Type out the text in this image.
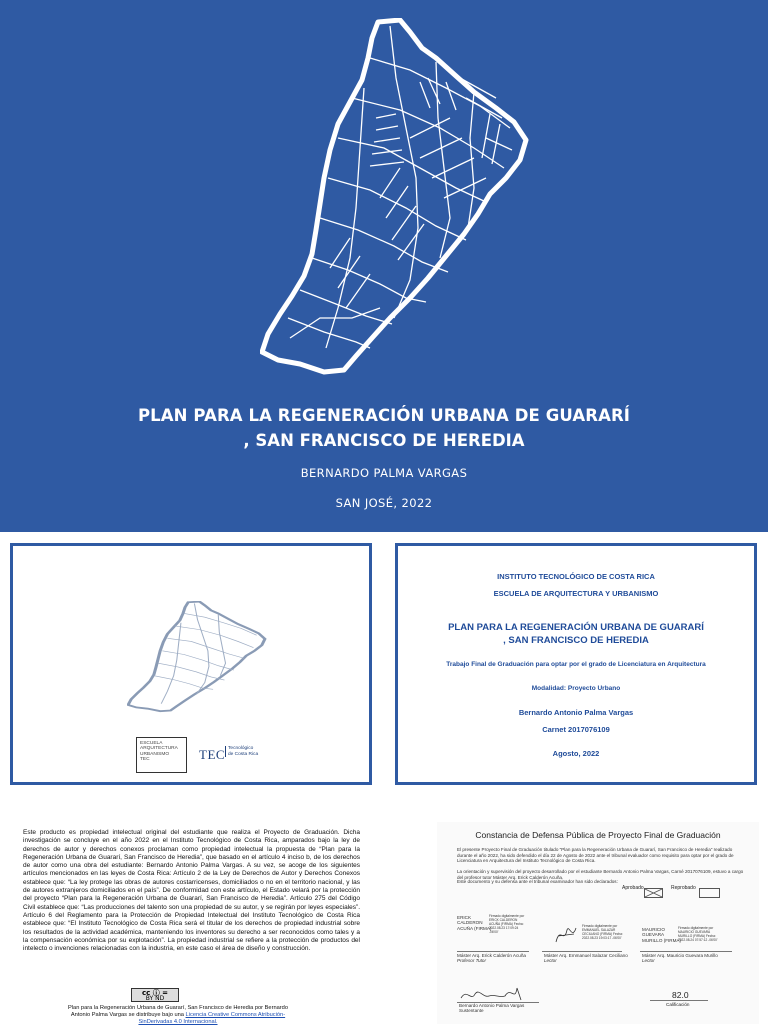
PLAN PARA LA REGENERACIÓN URBANA DE GUARARÍ
, SAN FRANCISCO DE HEREDIA
BERNARDO PALMA VARGAS
SAN JOSÉ, 2022
ESCUELA
ARQUITECTURA
URBANISMO
TEC	TEC Tecnológico
de Costa Rica
INSTITUTO TECNOLÓGICO DE COSTA RICA
ESCUELA DE ARQUITECTURA Y URBANISMO
PLAN PARA LA REGENERACIÓN URBANA DE GUARARÍ
, SAN FRANCISCO DE HEREDIA
Trabajo Final de Graduación para optar por el grado de Licenciatura en Arquitectura
Modalidad: Proyecto Urbano
Bernardo Antonio Palma Vargas
Carnet 2017076109
Agosto, 2022
Este producto es propiedad intelectual original del estudiante que realiza el Proyecto de Graduación. Dicha investigación se concluye en el año 2022 en el Instituto Tecnológico de Costa Rica, amparados bajo la ley de derechos de autor y derechos conexos proclaman como propiedad intelectual la propuesta de “Plan para la Regeneración Urbana de Guararí, San Francisco de Heredia”, que basado en el artículo 4 inciso b, de los derechos de autor como una obra del estudiante: Bernardo Antonio Palma Vargas. A su vez, se acoge de los siguientes artículos mencionados en las leyes de Costa Rica: Artículo 2 de la Ley de Derechos de Autor y Derechos Conexos establece que: “La ley protege las obras de autores costarricenses, domiciliados o no en el territorio nacional, y las de autores extranjeros domiciliados en el país”. De conformidad con este artículo, el Estado velará por la protección del proyecto “Plan para la Regeneración Urbana de Guararí, San Francisco de Heredia”. Artículo 275 del Código Civil establece que: “Las producciones del talento son una propiedad de su autor, y se regirán por leyes especiales”. Artículo 6 del Reglamento para la Protección de Propiedad Intelectual del Instituto Tecnológico de Costa Rica establece que: “El Instituto Tecnológico de Costa Rica será el titular de los derechos de propiedad industrial sobre los resultados de la actividad académica, manteniendo los inventores su derecho a ser reconocidos como tales y a la compensación económica por su explotación”. La propiedad industrial se refiere a la protección de productos del intelecto o invenciones relacionadas con la industria, en este caso el área de diseño y construcción.
cc ⓘ =
BY ND
Plan para la Regeneración Urbana de Guararí, San Francisco de Heredia por Bernardo
Antonio Palma Vargas se distribuye bajo una Licencia Creative Commons Atribución-
SinDerivadas 4.0 Internacional.
Constancia de Defensa Pública de Proyecto Final de Graduación
El presente Proyecto Final de Graduación titulado “Plan para la Regeneración Urbana de Guararí, San Francisco de Heredia” realizado durante el año 2022, ha sido defendido el día 22 de Agosto de 2022 ante el tribunal evaluador como requisito para optar por el grado de Licenciatura en Arquitectura del Instituto Tecnológico de Costa Rica.
La orientación y supervisión del proyecto desarrollado por el estudiante Bernardo Antonio Palma Vargas, Carné 2017076109, estuvo a cargo del profesor tutor Máster Arq. Erick Calderón Acuña.
Este documento y su defensa ante el tribunal examinador han sido declarados:
Aprobado	Reprobado
ERICK
CALDERON
ACUÑA (FIRMA)
Firmado digitalmente por ERICK CALDERON ACUÑA (FIRMA) Fecha: 2022.08.23 17:09:24 -06'00'
Máster Arq. Erick Calderón Acuña
Profesor Tutor
Firmado digitalmente por EMMANUEL SALAZAR CECILIANO (FIRMA) Fecha: 2022.08.23 19:03:17 -06'00'
Máster Arq. Emmanuel Salazar Ceciliano
Lector
MAURICIO
GUEVARA
MURILLO (FIRMA)
Firmado digitalmente por MAURICIO GUEVARA MURILLO (FIRMA) Fecha: 2022.08.24 07:57:12 -06'00'
Máster Arq. Mauricio Guevara Murillo
Lector
Bernardo Antonio Palma Vargas
Sustentante
82.0
Calificación
